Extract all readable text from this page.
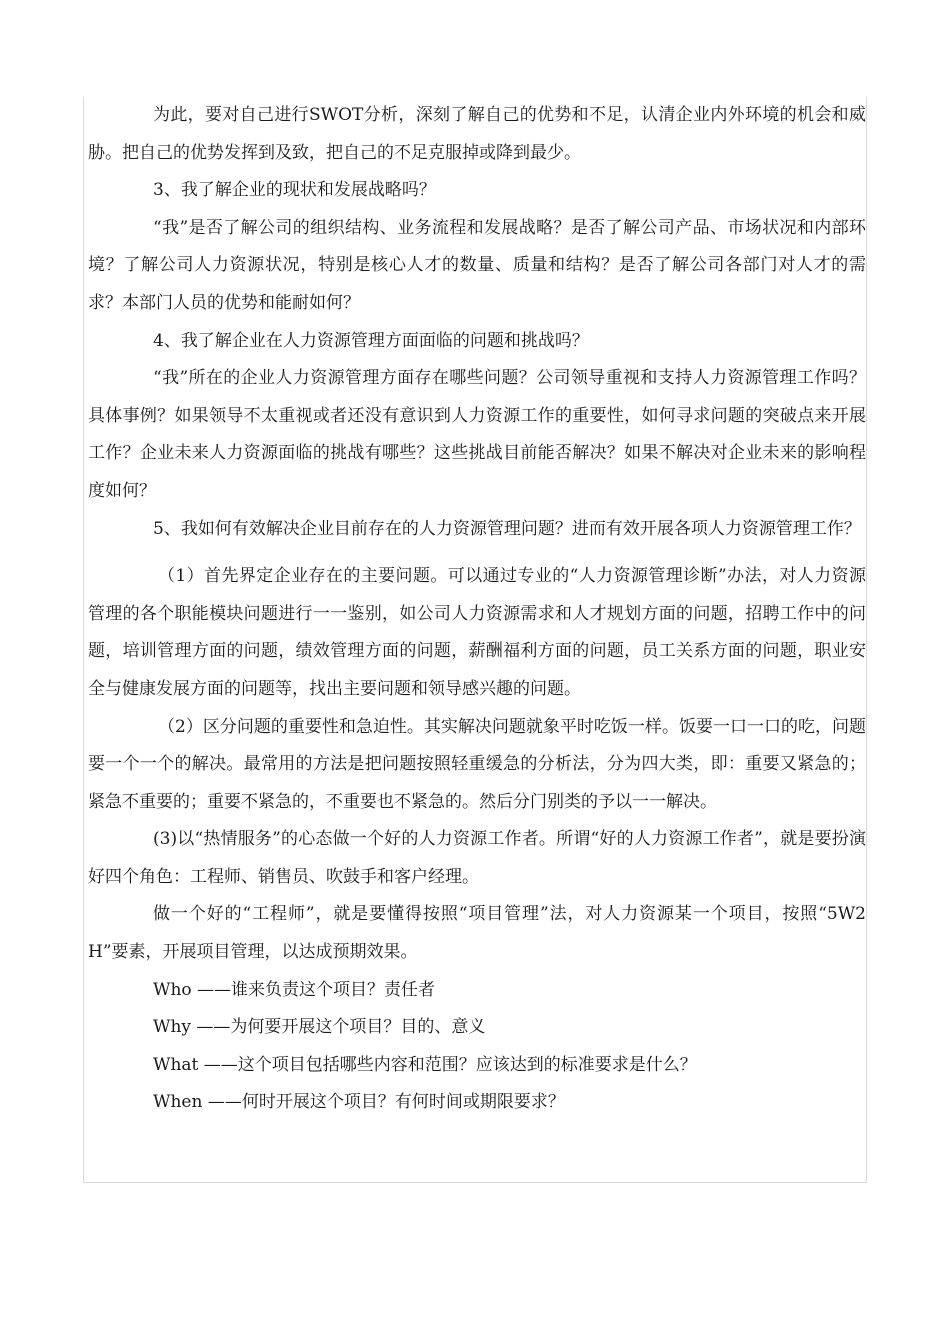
为此，要对自己进行SWOT分析，深刻了解自己的优势和不足，认清企业内外环境的机会和威胁。把自己的优势发挥到及致，把自己的不足克服掉或降到最少。

3、我了解企业的现状和发展战略吗？

“我”是否了解公司的组织结构、业务流程和发展战略？是否了解公司产品、市场状况和内部环境？了解公司人力资源状况，特别是核心人才的数量、质量和结构？是否了解公司各部门对人才的需求？本部门人员的优势和能耐如何？

4、我了解企业在人力资源管理方面面临的问题和挑战吗？

“我”所在的企业人力资源管理方面存在哪些问题？公司领导重视和支持人力资源管理工作吗？具体事例？如果领导不太重视或者还没有意识到人力资源工作的重要性，如何寻求问题的突破点来开展工作？企业未来人力资源面临的挑战有哪些？这些挑战目前能否解决？如果不解决对企业未来的影响程度如何？

5、我如何有效解决企业目前存在的人力资源管理问题？进而有效开展各项人力资源管理工作？

（1）首先界定企业存在的主要问题。可以通过专业的“人力资源管理诊断”办法，对人力资源管理的各个职能模块问题进行一一鉴别，如公司人力资源需求和人才规划方面的问题，招聘工作中的问题，培训管理方面的问题，绩效管理方面的问题，薪酬福利方面的问题，员工关系方面的问题，职业安全与健康发展方面的问题等，找出主要问题和领导感兴趣的问题。

（2）区分问题的重要性和急迫性。其实解决问题就象平时吃饭一样。饭要一口一口的吃，问题要一个一个的解决。最常用的方法是把问题按照轻重缓急的分析法，分为四大类，即：重要又紧急的；紧急不重要的；重要不紧急的，不重要也不紧急的。然后分门别类的予以一一解决。

(3)以“热情服务”的心态做一个好的人力资源工作者。所谓“好的人力资源工作者”，就是要扮演好四个角色：工程师、销售员、吹鼓手和客户经理。

做一个好的“工程师”，就是要懂得按照“项目管理”法，对人力资源某一个项目，按照“5W2H”要素，开展项目管理，以达成预期效果。

Who ——谁来负责这个项目？责任者

Why ——为何要开展这个项目？目的、意义

What ——这个项目包括哪些内容和范围？应该达到的标准要求是什么？

When ——何时开展这个项目？有何时间或期限要求？
